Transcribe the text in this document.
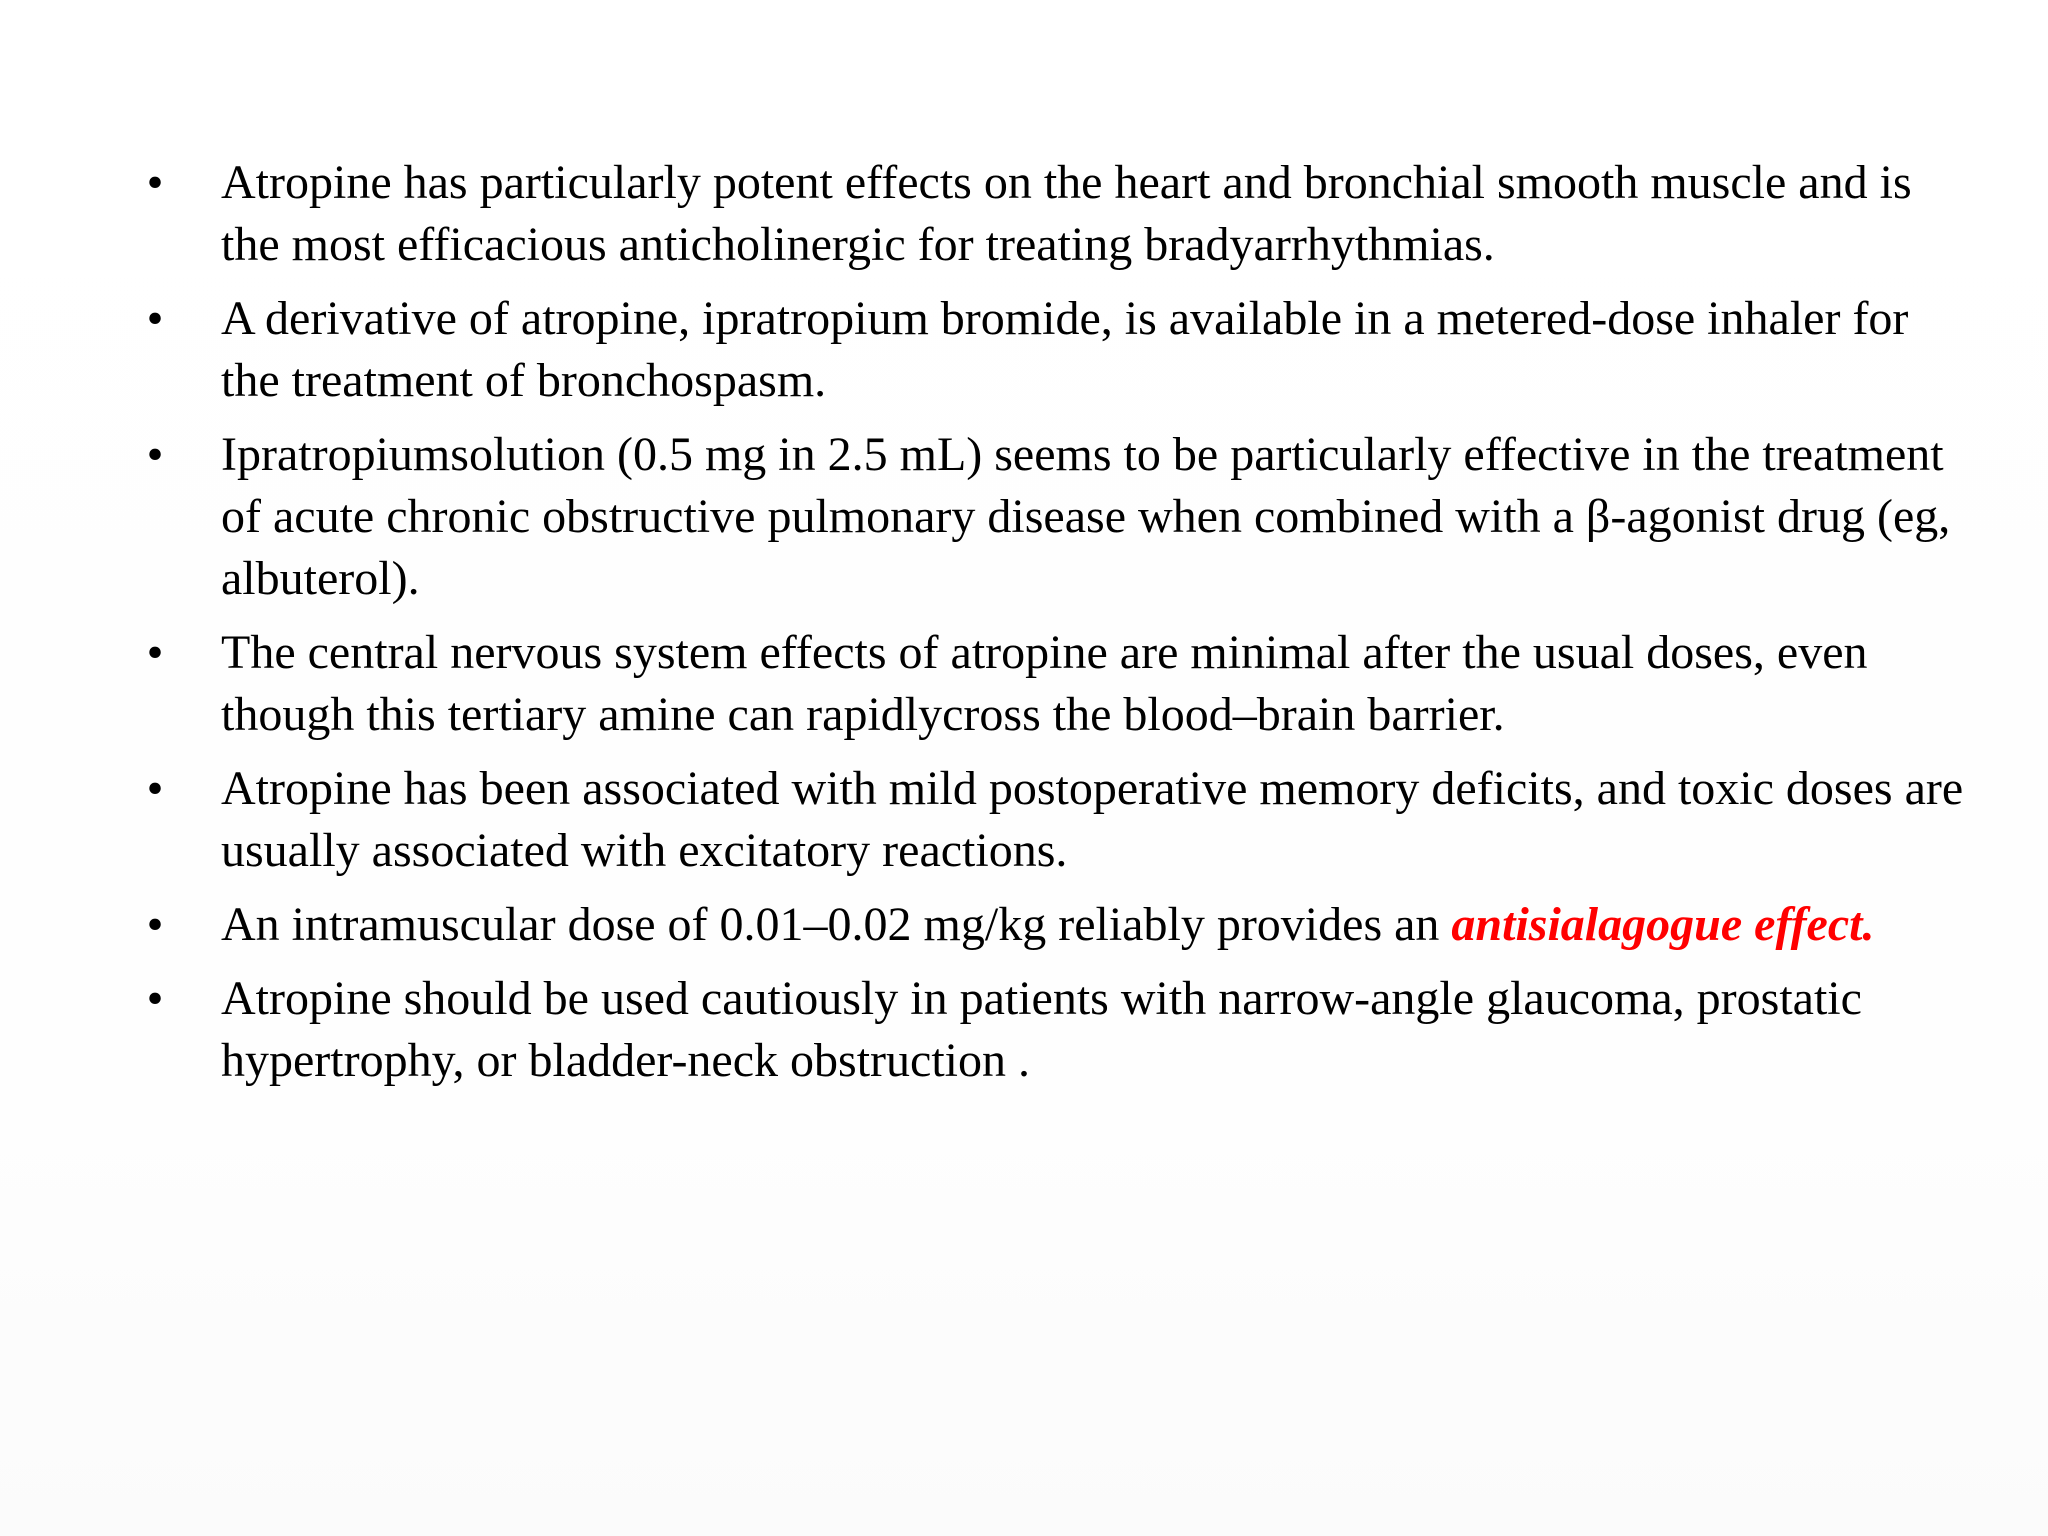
• Atropine has particularly potent effects on the heart and bronchial smooth muscle and is the most efficacious anticholinergic for treating bradyarrhythmias.
• A derivative of atropine, ipratropium bromide, is available in a metered-dose inhaler for the treatment of bronchospasm.
• Ipratropiumsolution (0.5 mg in 2.5 mL) seems to be particularly effective in the treatment of acute chronic obstructive pulmonary disease when combined with a β-agonist drug (eg, albuterol).
• The central nervous system effects of atropine are minimal after the usual doses, even though this tertiary amine can rapidlycross the blood–brain barrier.
• Atropine has been associated with mild postoperative memory deficits, and toxic doses are usually associated with excitatory reactions.
• An intramuscular dose of 0.01–0.02 mg/kg reliably provides an antisialagogue effect.
• Atropine should be used cautiously in patients with narrow-angle glaucoma, prostatic hypertrophy, or bladder-neck obstruction .
